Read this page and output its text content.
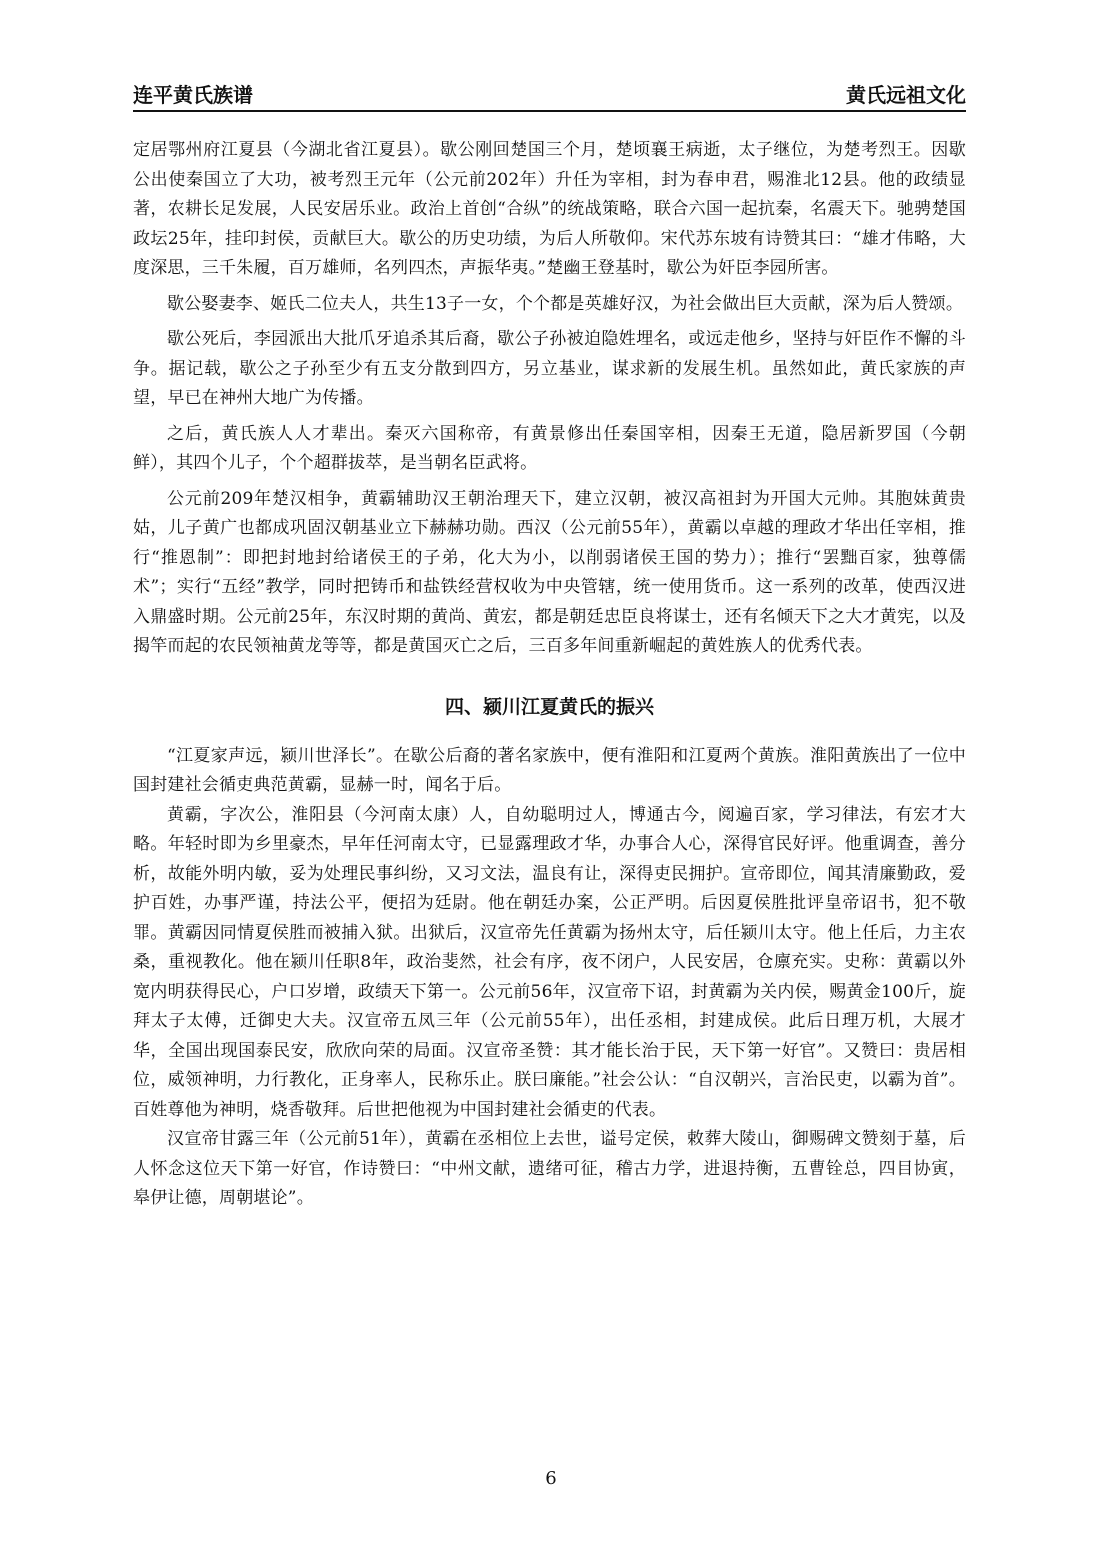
连平黄氏族谱	黄氏远祖文化

定居鄂州府江夏县（今湖北省江夏县）。歇公刚回楚国三个月，楚顷襄王病逝，太子继位，为楚考烈王。因歇公出使秦国立了大功，被考烈王元年（公元前202年）升任为宰相，封为春申君，赐淮北12县。他的政绩显著，农耕长足发展，人民安居乐业。政治上首创“合纵”的统战策略，联合六国一起抗秦，名震天下。驰骋楚国政坛25年，挂印封侯，贡献巨大。歇公的历史功绩，为后人所敬仰。宋代苏东坡有诗赞其曰：“雄才伟略，大度深思，三千朱履，百万雄师，名列四杰，声振华夷。”楚幽王登基时，歇公为奸臣李园所害。

歇公娶妻李、姬氏二位夫人，共生13子一女，个个都是英雄好汉，为社会做出巨大贡献，深为后人赞颂。

歇公死后，李园派出大批爪牙追杀其后裔，歇公子孙被迫隐姓埋名，或远走他乡，坚持与奸臣作不懈的斗争。据记载，歇公之子孙至少有五支分散到四方，另立基业，谋求新的发展生机。虽然如此，黄氏家族的声望，早已在神州大地广为传播。

之后，黄氏族人人才辈出。秦灭六国称帝，有黄景修出任秦国宰相，因秦王无道，隐居新罗国（今朝鲜），其四个儿子，个个超群拔萃，是当朝名臣武将。

公元前209年楚汉相争，黄霸辅助汉王朝治理天下，建立汉朝，被汉高祖封为开国大元帅。其胞妹黄贵姑，儿子黄广也都成巩固汉朝基业立下赫赫功勋。西汉（公元前55年），黄霸以卓越的理政才华出任宰相，推行“推恩制”：即把封地封给诸侯王的子弟，化大为小，以削弱诸侯王国的势力）；推行“罢黜百家，独尊儒术”；实行“五经”教学，同时把铸币和盐铁经营权收为中央管辖，统一使用货币。这一系列的改革，使西汉进入鼎盛时期。公元前25年，东汉时期的黄尚、黄宏，都是朝廷忠臣良将谋士，还有名倾天下之大才黄宪，以及揭竿而起的农民领袖黄龙等等，都是黄国灭亡之后，三百多年间重新崛起的黄姓族人的优秀代表。

四、颍川江夏黄氏的振兴

“江夏家声远，颍川世泽长”。在歇公后裔的著名家族中，便有淮阳和江夏两个黄族。淮阳黄族出了一位中国封建社会循吏典范黄霸，显赫一时，闻名于后。

黄霸，字次公，淮阳县（今河南太康）人，自幼聪明过人，博通古今，阅遍百家，学习律法，有宏才大略。年轻时即为乡里豪杰，早年任河南太守，已显露理政才华，办事合人心，深得官民好评。他重调查，善分析，故能外明内敏，妥为处理民事纠纷，又习文法，温良有让，深得吏民拥护。宣帝即位，闻其清廉勤政，爱护百姓，办事严谨，持法公平，便招为廷尉。他在朝廷办案，公正严明。后因夏侯胜批评皇帝诏书，犯不敬罪。黄霸因同情夏侯胜而被捕入狱。出狱后，汉宣帝先任黄霸为扬州太守，后任颍川太守。他上任后，力主农桑，重视教化。他在颍川任职8年，政治斐然，社会有序，夜不闭户，人民安居，仓廪充实。史称：黄霸以外宽内明获得民心，户口岁增，政绩天下第一。公元前56年，汉宣帝下诏，封黄霸为关内侯，赐黄金100斤，旋拜太子太傅，迁御史大夫。汉宣帝五凤三年（公元前55年），出任丞相，封建成侯。此后日理万机，大展才华，全国出现国泰民安，欣欣向荣的局面。汉宣帝圣赞：其才能长治于民，天下第一好官”。又赞曰：贵居相位，威领神明，力行教化，正身率人，民称乐止。朕曰廉能。”社会公认：“自汉朝兴，言治民吏，以霸为首”。百姓尊他为神明，烧香敬拜。后世把他视为中国封建社会循吏的代表。

汉宣帝甘露三年（公元前51年），黄霸在丞相位上去世，谥号定侯，敕葬大陵山，御赐碑文赞刻于墓，后人怀念这位天下第一好官，作诗赞曰：“中州文献，遗绪可征，稽古力学，进退持衡，五曹铨总，四目协寅，皋伊让德，周朝堪论”。

6
